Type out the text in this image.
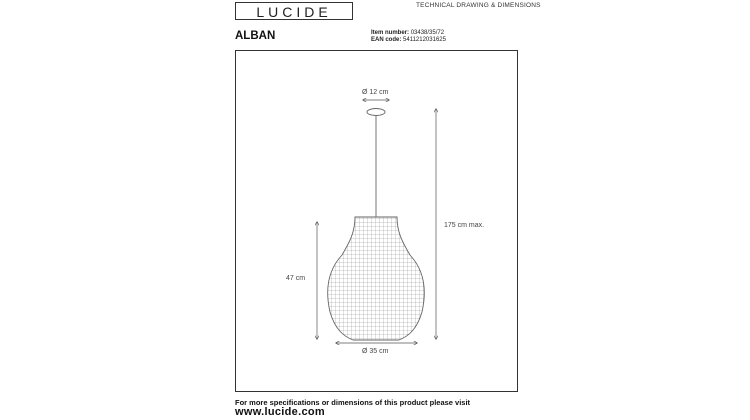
LUCIDE	TECHNICAL DRAWING & DIMENSIONS
ALBAN	Item number: 03438/35/72
EAN code: 5411212031625
Ø 12 cm
175 cm max.
47 cm
Ø 35 cm
For more specifications or dimensions of this product please visit
www.lucide.com
